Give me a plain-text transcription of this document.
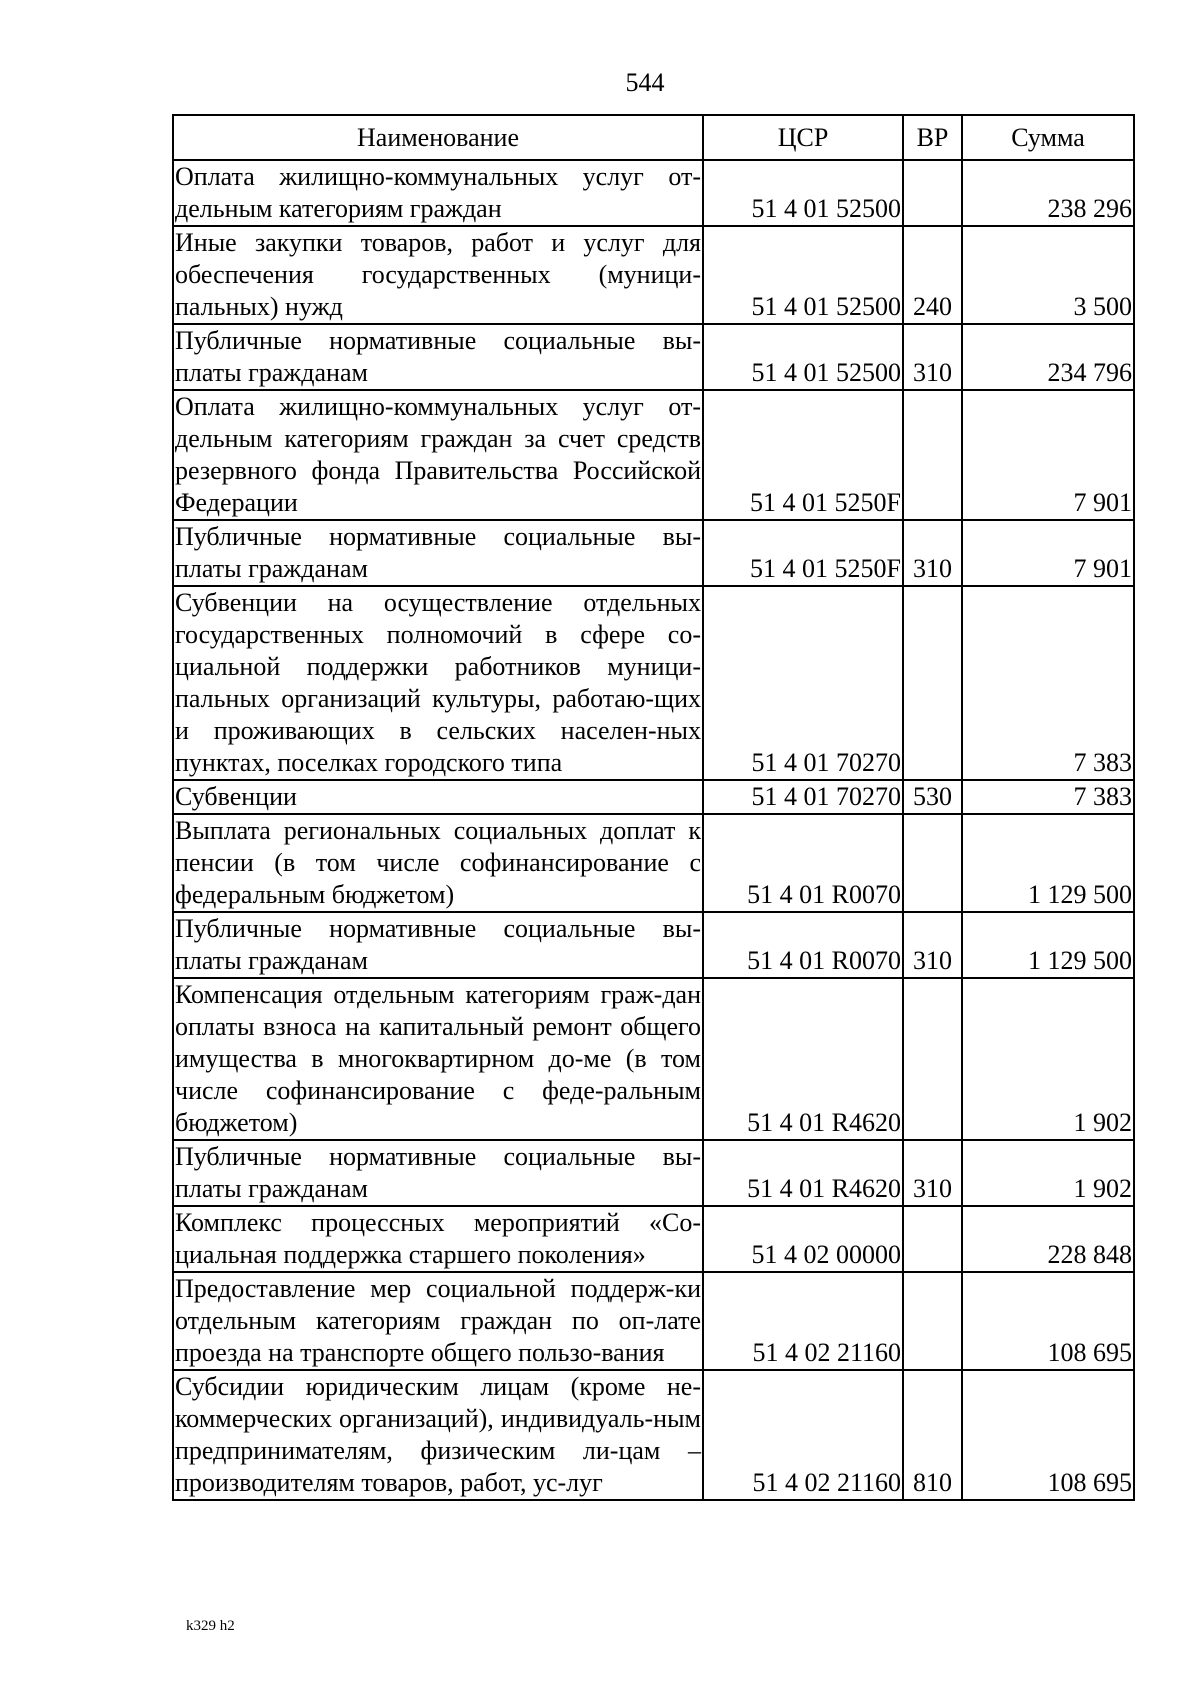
544
Наименование	ЦСР	ВР	Сумма
Оплата жилищно-коммунальных услуг от-дельным категориям граждан	51 4 01 52500		238 296
Иные закупки товаров, работ и услуг для обеспечения государственных (муници-пальных) нужд	51 4 01 52500	240	3 500
Публичные нормативные социальные вы-платы гражданам	51 4 01 52500	310	234 796
Оплата жилищно-коммунальных услуг от-дельным категориям граждан за счет средств резервного фонда Правительства Российской Федерации	51 4 01 5250F		7 901
Публичные нормативные социальные вы-платы гражданам	51 4 01 5250F	310	7 901
Субвенции на осуществление отдельных государственных полномочий в сфере со-циальной поддержки работников муници-пальных организаций культуры, работаю-щих и проживающих в сельских населен-ных пунктах, поселках городского типа	51 4 01 70270		7 383
Субвенции	51 4 01 70270	530	7 383
Выплата региональных социальных доплат к пенсии (в том числе софинансирование с федеральным бюджетом)	51 4 01 R0070		1 129 500
Публичные нормативные социальные вы-платы гражданам	51 4 01 R0070	310	1 129 500
Компенсация отдельным категориям граж-дан оплаты взноса на капитальный ремонт общего имущества в многоквартирном до-ме (в том числе софинансирование с феде-ральным бюджетом)	51 4 01 R4620		1 902
Публичные нормативные социальные вы-платы гражданам	51 4 01 R4620	310	1 902
Комплекс процессных мероприятий «Со-циальная поддержка старшего поколения»	51 4 02 00000		228 848
Предоставление мер социальной поддерж-ки отдельным категориям граждан по оп-лате проезда на транспорте общего пользо-вания	51 4 02 21160		108 695
Субсидии юридическим лицам (кроме не-коммерческих организаций), индивидуаль-ным предпринимателям, физическим ли-цам – производителям товаров, работ, ус-луг	51 4 02 21160	810	108 695
k329 h2
